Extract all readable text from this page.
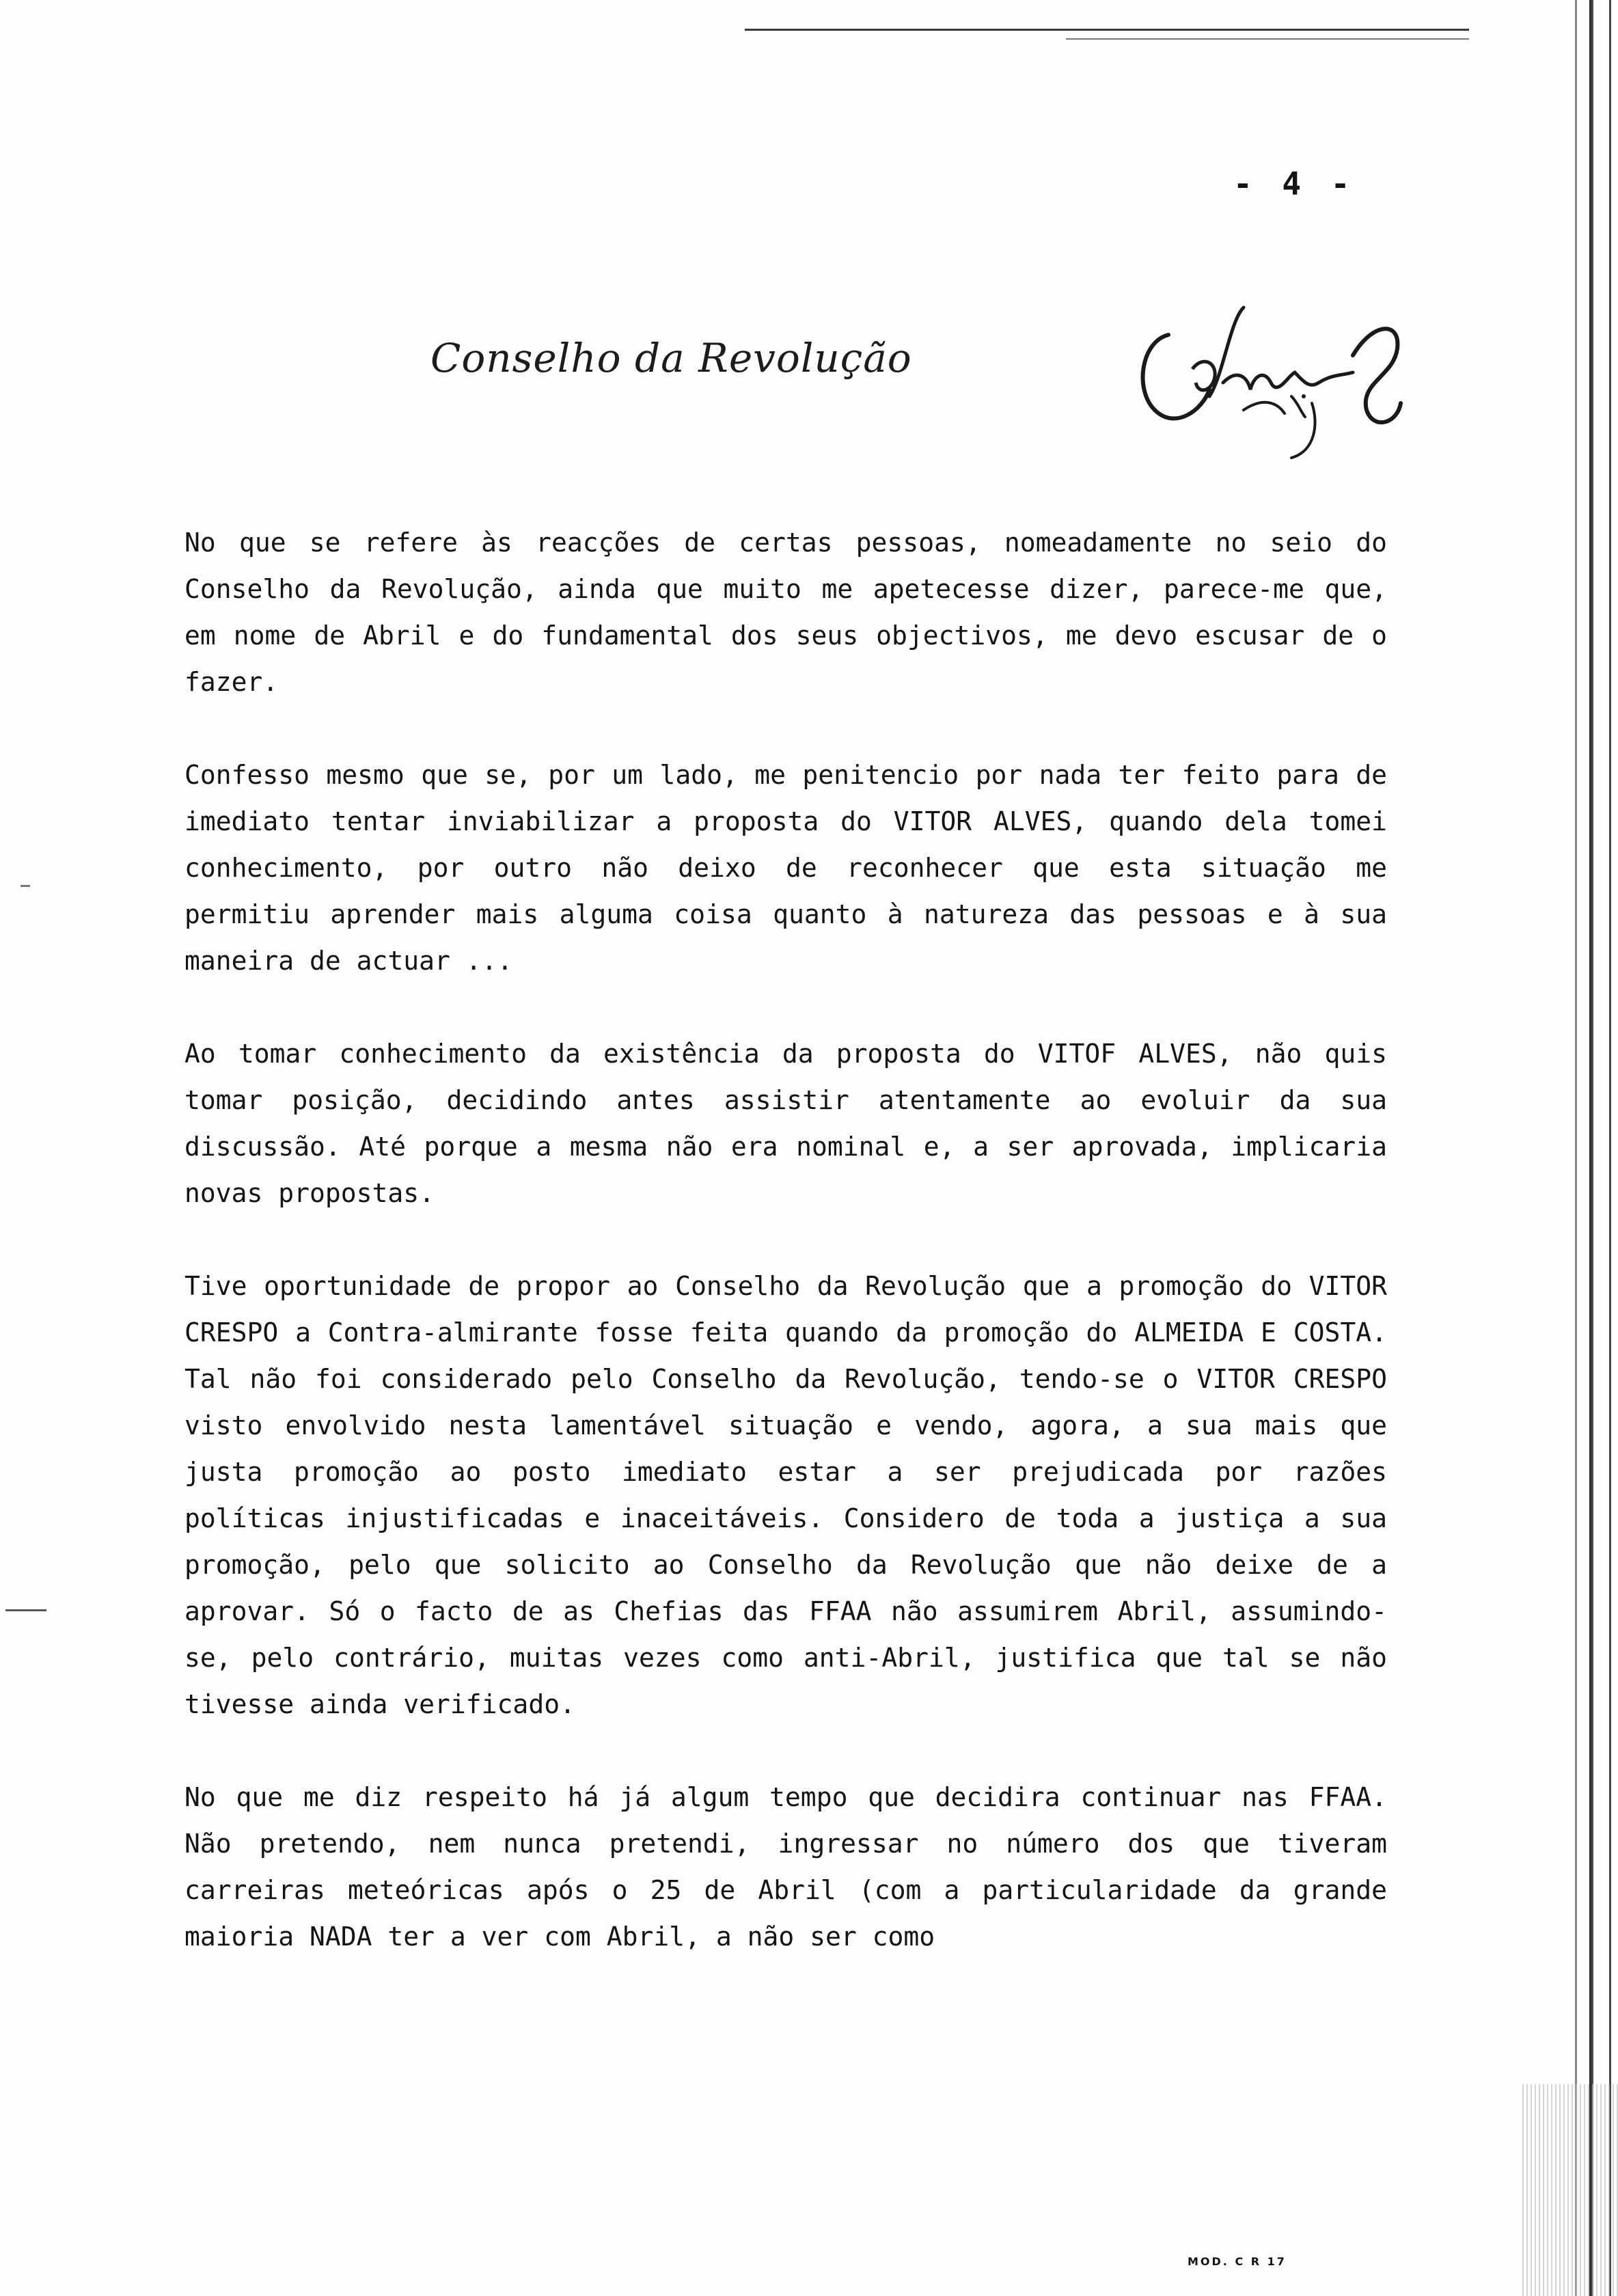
- 4 -
Conselho da Revolução

No que se refere às reacções de certas pessoas, nomeadamente no seio do Conselho da Revolução, ainda que muito me apetecesse dizer, parece-me que, em nome de Abril e do fundamental dos seus objectivos, me devo escusar de o fazer.

Confesso mesmo que se, por um lado, me penitencio por nada ter feito para de imediato tentar inviabilizar a proposta do VITOR ALVES, quando dela tomei conhecimento, por outro não deixo de reconhecer que esta situação me permitiu aprender mais alguma coisa quanto à natureza das pessoas e à sua maneira de actuar ...

Ao tomar conhecimento da existência da proposta do VITOF ALVES, não quis tomar posição, decidindo antes assistir atentamente ao evoluir da sua discussão. Até porque a mesma não era nominal e, a ser aprovada, implicaria novas propostas.

Tive oportunidade de propor ao Conselho da Revolução que a promoção do VITOR CRESPO a Contra-almirante fosse feita quando da promoção do ALMEIDA E COSTA. Tal não foi considerado pelo Conselho da Revolução, tendo-se o VITOR CRESPO visto envolvido nesta lamentável situação e vendo, agora, a sua mais que justa promoção ao posto imediato estar a ser prejudicada por razões políticas injustificadas e inaceitáveis. Considero de toda a justiça a sua promoção, pelo que solicito ao Conselho da Revolução que não deixe de a aprovar. Só o facto de as Chefias das FFAA não assumirem Abril, assumindo-se, pelo contrário, muitas vezes como anti-Abril, justifica que tal se não tivesse ainda verificado.

No que me diz respeito há já algum tempo que decidira continuar nas FFAA. Não pretendo, nem nunca pretendi, ingressar no número dos que tiveram carreiras meteóricas após o 25 de Abril (com a particularidade da grande maioria NADA ter a ver com Abril, a não ser como

MOD. C R 17
